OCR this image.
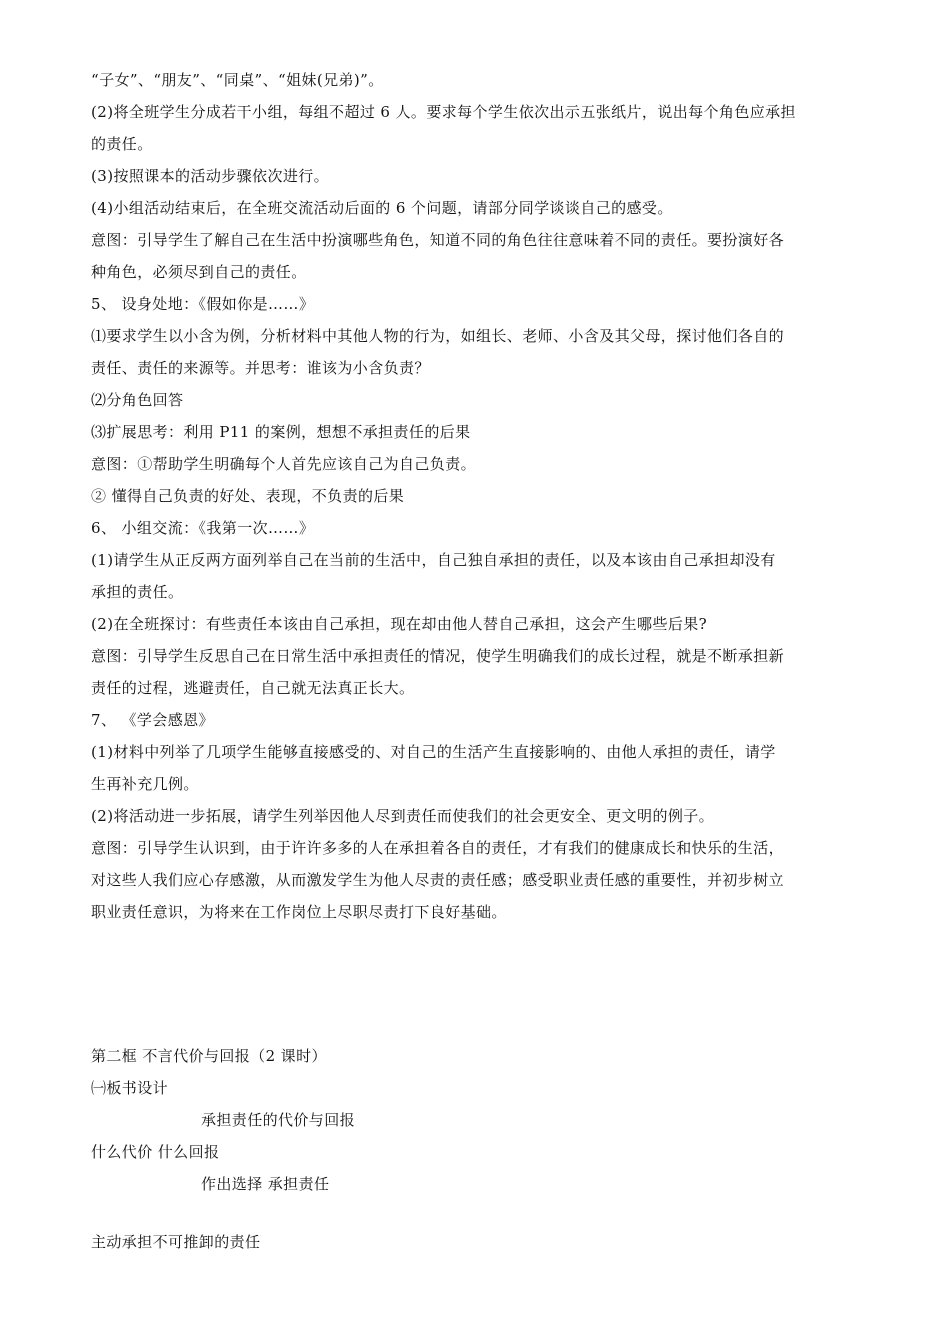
“子女”、“朋友”、“同桌”、“姐妹(兄弟)”。
(2)将全班学生分成若干小组，每组不超过 6 人。要求每个学生依次出示五张纸片，说出每个角色应承担
的责任。
(3)按照课本的活动步骤依次进行。
(4)小组活动结束后，在全班交流活动后面的 6 个问题，请部分同学谈谈自己的感受。
意图：引导学生了解自己在生活中扮演哪些角色，知道不同的角色往往意味着不同的责任。要扮演好各
种角色，必须尽到自己的责任。
5、 设身处地：《假如你是……》
⑴要求学生以小含为例，分析材料中其他人物的行为，如组长、老师、小含及其父母，探讨他们各自的
责任、责任的来源等。并思考：谁该为小含负责？
⑵分角色回答
⑶扩展思考：利用 P11 的案例，想想不承担责任的后果
意图：①帮助学生明确每个人首先应该自己为自己负责。
② 懂得自己负责的好处、表现，不负责的后果
6、 小组交流：《我第一次……》
(1)请学生从正反两方面列举自己在当前的生活中，自己独自承担的责任，以及本该由自己承担却没有
承担的责任。
(2)在全班探讨：有些责任本该由自己承担，现在却由他人替自己承担，这会产生哪些后果?
意图：引导学生反思自己在日常生活中承担责任的情况，使学生明确我们的成长过程，就是不断承担新
责任的过程，逃避责任，自己就无法真正长大。
7、 《学会感恩》
(1)材料中列举了几项学生能够直接感受的、对自己的生活产生直接影响的、由他人承担的责任，请学
生再补充几例。
(2)将活动进一步拓展，请学生列举因他人尽到责任而使我们的社会更安全、更文明的例子。
意图：引导学生认识到，由于许许多多的人在承担着各自的责任，才有我们的健康成长和快乐的生活，
对这些人我们应心存感激，从而激发学生为他人尽责的责任感；感受职业责任感的重要性，并初步树立
职业责任意识，为将来在工作岗位上尽职尽责打下良好基础。
第二框 不言代价与回报（2 课时）
㈠板书设计
承担责任的代价与回报
什么代价 什么回报
作出选择 承担责任
主动承担不可推卸的责任
